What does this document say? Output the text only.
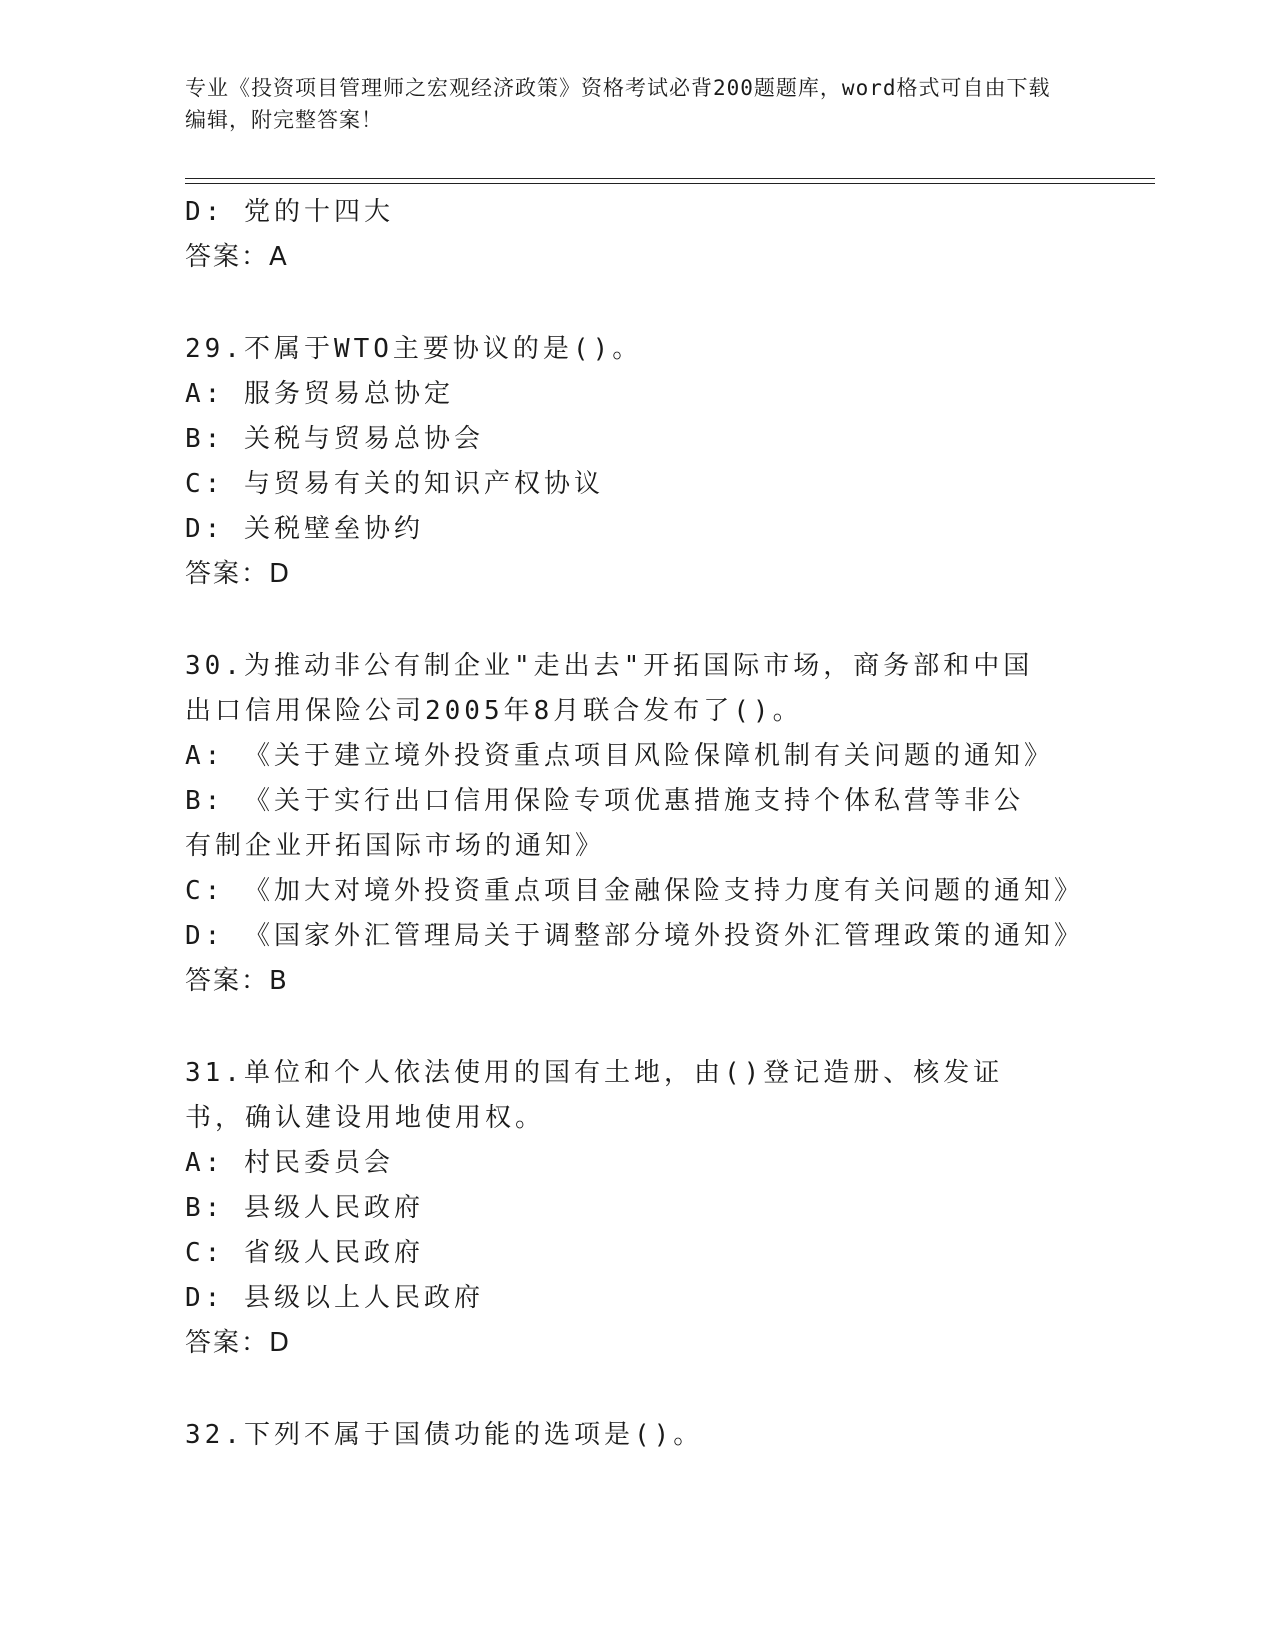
专业《投资项目管理师之宏观经济政策》资格考试必背200题题库，word格式可自由下载编辑，附完整答案！
D: 党的十四大
答案：A
29.不属于WTO主要协议的是()。
A: 服务贸易总协定
B: 关税与贸易总协会
C: 与贸易有关的知识产权协议
D: 关税壁垒协约
答案：D
30.为推动非公有制企业"走出去"开拓国际市场，商务部和中国出口信用保险公司2005年8月联合发布了()。
A: 《关于建立境外投资重点项目风险保障机制有关问题的通知》
B: 《关于实行出口信用保险专项优惠措施支持个体私营等非公有制企业开拓国际市场的通知》
C: 《加大对境外投资重点项目金融保险支持力度有关问题的通知》
D: 《国家外汇管理局关于调整部分境外投资外汇管理政策的通知》
答案：B
31.单位和个人依法使用的国有土地，由()登记造册、核发证书，确认建设用地使用权。
A: 村民委员会
B: 县级人民政府
C: 省级人民政府
D: 县级以上人民政府
答案：D
32.下列不属于国债功能的选项是()。
